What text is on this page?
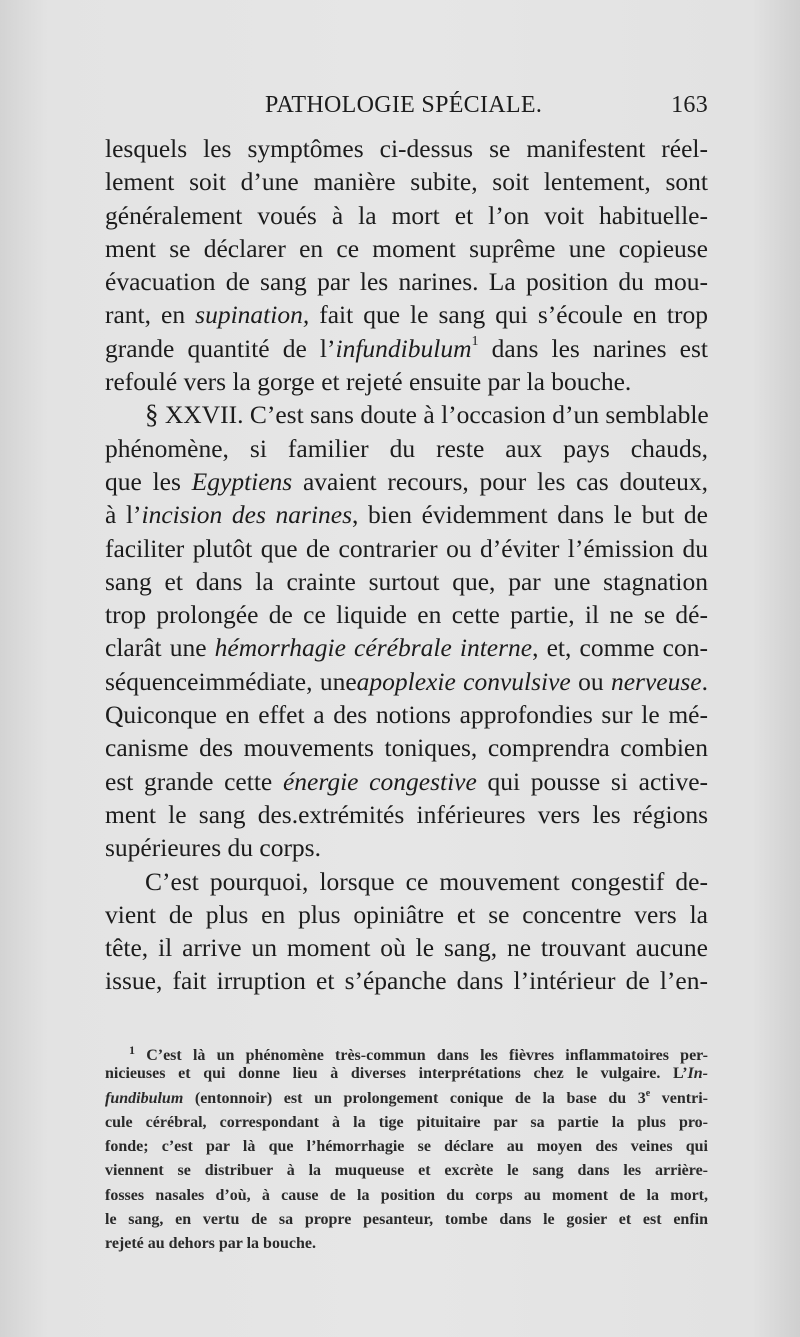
PATHOLOGIE SPÉCIALE.	163
lesquels les symptômes ci-dessus se manifestent réel-
lement soit d’une manière subite, soit lentement, sont
généralement voués à la mort et l’on voit habituelle-
ment se déclarer en ce moment suprême une copieuse
évacuation de sang par les narines. La position du mou-
rant, en supination, fait que le sang qui s’écoule en trop
grande quantité de l’infundibulum$^1$ dans les narines est
refoulé vers la gorge et rejeté ensuite par la bouche.
§ XXVII. C’est sans doute à l’occasion d’un semblable
phénomène, si familier du reste aux pays chauds,
que les Egyptiens avaient recours, pour les cas douteux,
à l’incision des narines, bien évidemment dans le but de
faciliter plutôt que de contrarier ou d’éviter l’émission du
sang et dans la crainte surtout que, par une stagnation
trop prolongée de ce liquide en cette partie, il ne se dé-
clarât une hémorrhagie cérébrale interne, et, comme con-
séquenceimmédiate, uneapoplexie convulsive ou nerveuse.
Quiconque en effet a des notions approfondies sur le mé-
canisme des mouvements toniques, comprendra combien
est grande cette énergie congestive qui pousse si active-
ment le sang des.extrémités inférieures vers les régions
supérieures du corps.
C’est pourquoi, lorsque ce mouvement congestif de-
vient de plus en plus opiniâtre et se concentre vers la
tête, il arrive un moment où le sang, ne trouvant aucune
issue, fait irruption et s’épanche dans l’intérieur de l’en-
$^1$ C’est là un phénomène très-commun dans les fièvres inflammatoires per-
nicieuses et qui donne lieu à diverses interprétations chez le vulgaire. L’In-
fundibulum (entonnoir) est un prolongement conique de la base du 3e ventri-
cule cérébral, correspondant à la tige pituitaire par sa partie la plus pro-
fonde; c’est par là que l’hémorrhagie se déclare au moyen des veines qui
viennent se distribuer à la muqueuse et excrète le sang dans les arrière-
fosses nasales d’où, à cause de la position du corps au moment de la mort,
le sang, en vertu de sa propre pesanteur, tombe dans le gosier et est enfin
rejeté au dehors par la bouche.
